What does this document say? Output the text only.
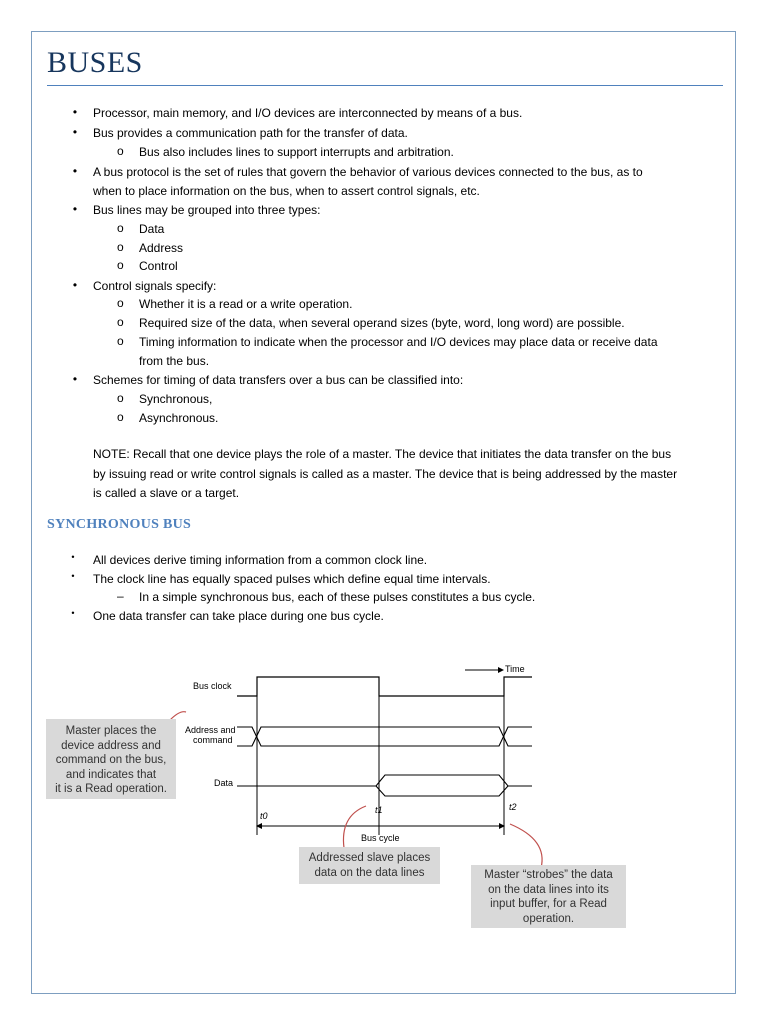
BUSES
• Processor, main memory, and I/O devices are interconnected by means of a bus.
• Bus provides a communication path for the transfer of data.
o Bus also includes lines to support interrupts and arbitration.
• A bus protocol is the set of rules that govern the behavior of various devices connected to the bus, as to
when to place information on the bus, when to assert control signals, etc.
• Bus lines may be grouped into three types:
o Data
o Address
o Control
• Control signals specify:
o Whether it is a read or a write operation.
o Required size of the data, when several operand sizes (byte, word, long word) are possible.
o Timing information to indicate when the processor and I/O devices may place data or receive data
from the bus.
• Schemes for timing of data transfers over a bus can be classified into:
o Synchronous,
o Asynchronous.
NOTE: Recall that one device plays the role of a master. The device that initiates the data transfer on the bus
by issuing read or write control signals is called as a master. The device that is being addressed by the master
is called a slave or a target.
SYNCHRONOUS BUS
• All devices derive timing information from a common clock line.
• The clock line has equally spaced pulses which define equal time intervals.
– In a simple synchronous bus, each of these pulses constitutes a bus cycle.
• One data transfer can take place during one bus cycle.
Time
Bus clock
Address and
command
Data
t0
t1	t2
Bus cycle
Master places the
device address and
command on the bus,
and indicates that
it is a Read operation.
Addressed slave places
data on the data lines	Master “strobes” the data
on the data lines into its
input buffer, for a Read
operation.
